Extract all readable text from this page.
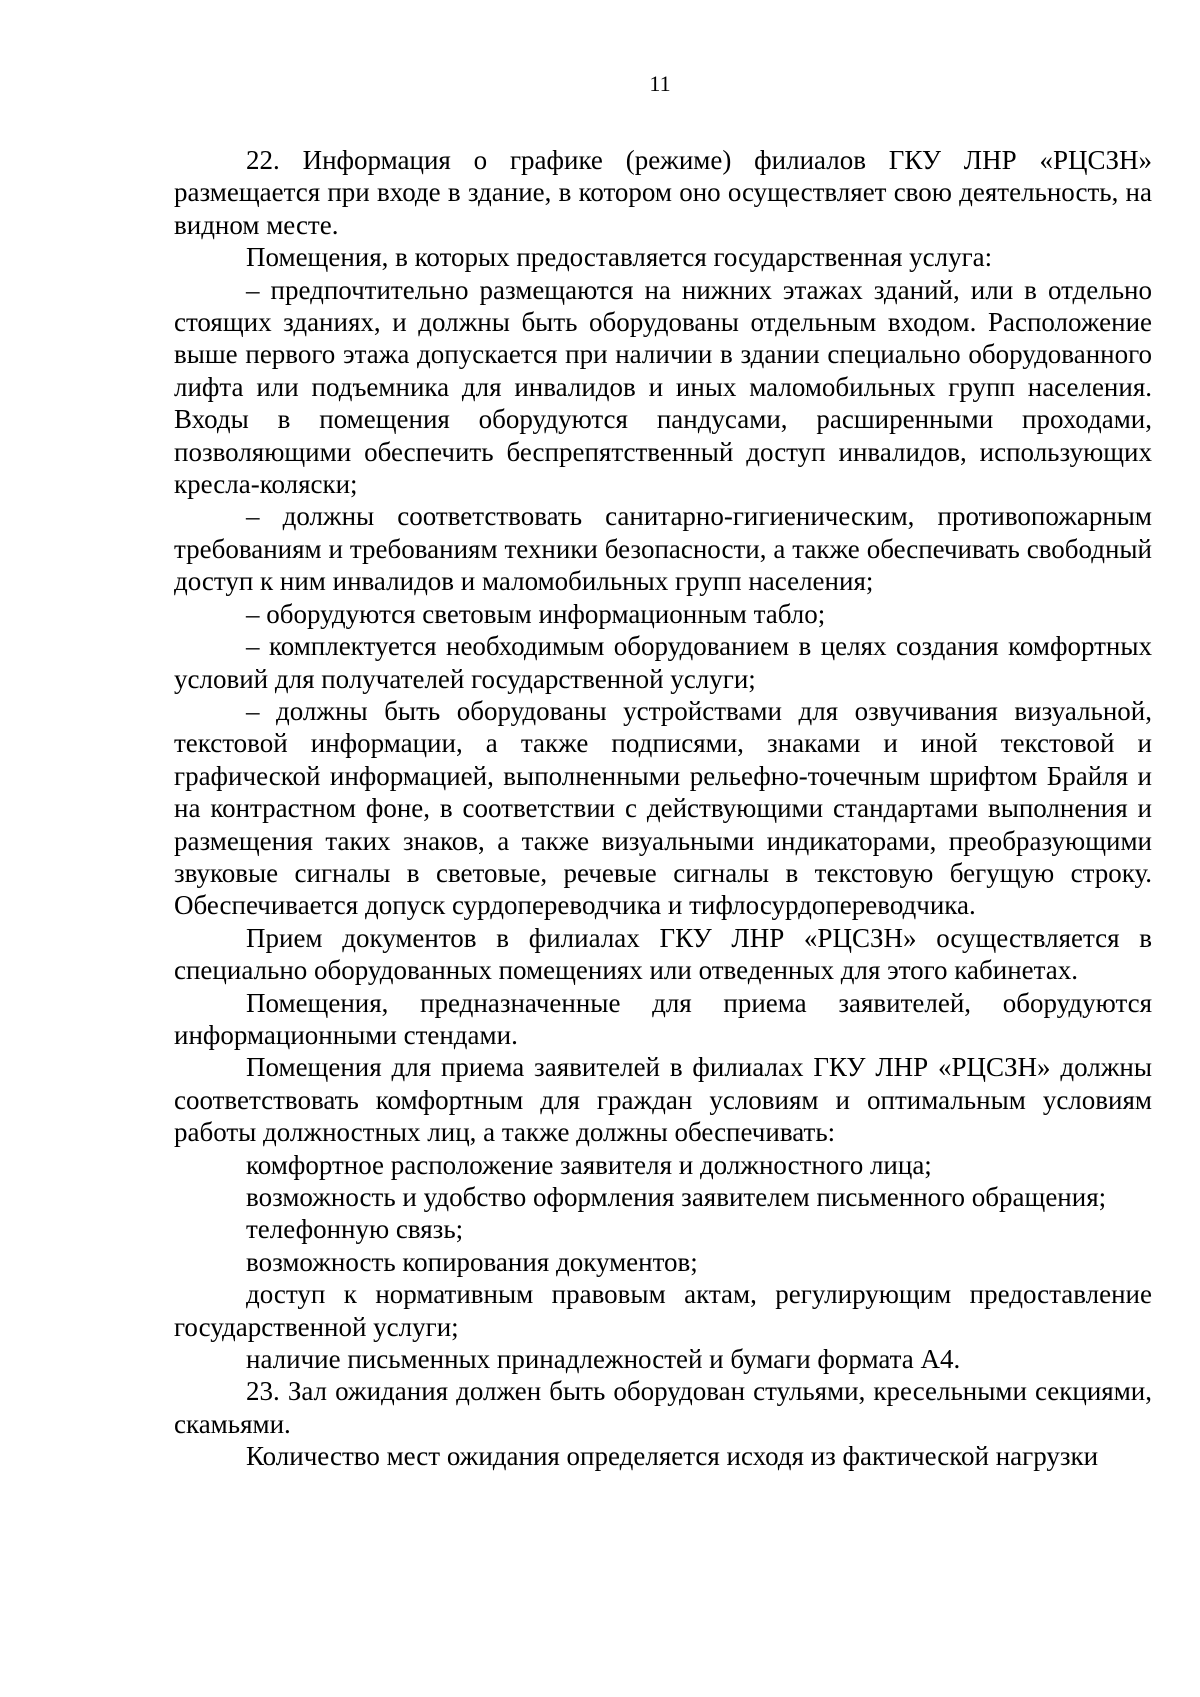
11

22. Информация о графике (режиме) филиалов ГКУ ЛНР «РЦСЗН» размещается при входе в здание, в котором оно осуществляет свою деятельность, на видном месте.

Помещения, в которых предоставляется государственная услуга:

– предпочтительно размещаются на нижних этажах зданий, или в отдельно стоящих зданиях, и должны быть оборудованы отдельным входом. Расположение выше первого этажа допускается при наличии в здании специально оборудованного лифта или подъемника для инвалидов и иных маломобильных групп населения. Входы в помещения оборудуются пандусами, расширенными проходами, позволяющими обеспечить беспрепятственный доступ инвалидов, использующих кресла-коляски;

– должны соответствовать санитарно-гигиеническим, противопожарным требованиям и требованиям техники безопасности, а также обеспечивать свободный доступ к ним инвалидов и маломобильных групп населения;

– оборудуются световым информационным табло;

– комплектуется необходимым оборудованием в целях создания комфортных условий для получателей государственной услуги;

– должны быть оборудованы устройствами для озвучивания визуальной, текстовой информации, а также подписями, знаками и иной текстовой и графической информацией, выполненными рельефно-точечным шрифтом Брайля и на контрастном фоне, в соответствии с действующими стандартами выполнения и размещения таких знаков, а также визуальными индикаторами, преобразующими звуковые сигналы в световые, речевые сигналы в текстовую бегущую строку. Обеспечивается допуск сурдопереводчика и тифлосурдопереводчика.

Прием документов в филиалах ГКУ ЛНР «РЦСЗН» осуществляется в специально оборудованных помещениях или отведенных для этого кабинетах.

Помещения, предназначенные для приема заявителей, оборудуются информационными стендами.

Помещения для приема заявителей в филиалах ГКУ ЛНР «РЦСЗН» должны соответствовать комфортным для граждан условиям и оптимальным условиям работы должностных лиц, а также должны обеспечивать:

комфортное расположение заявителя и должностного лица;

возможность и удобство оформления заявителем письменного обращения;

телефонную связь;

возможность копирования документов;

доступ к нормативным правовым актам, регулирующим предоставление государственной услуги;

наличие письменных принадлежностей и бумаги формата А4.

23. Зал ожидания должен быть оборудован стульями, кресельными секциями, скамьями.

Количество мест ожидания определяется исходя из фактической нагрузки
